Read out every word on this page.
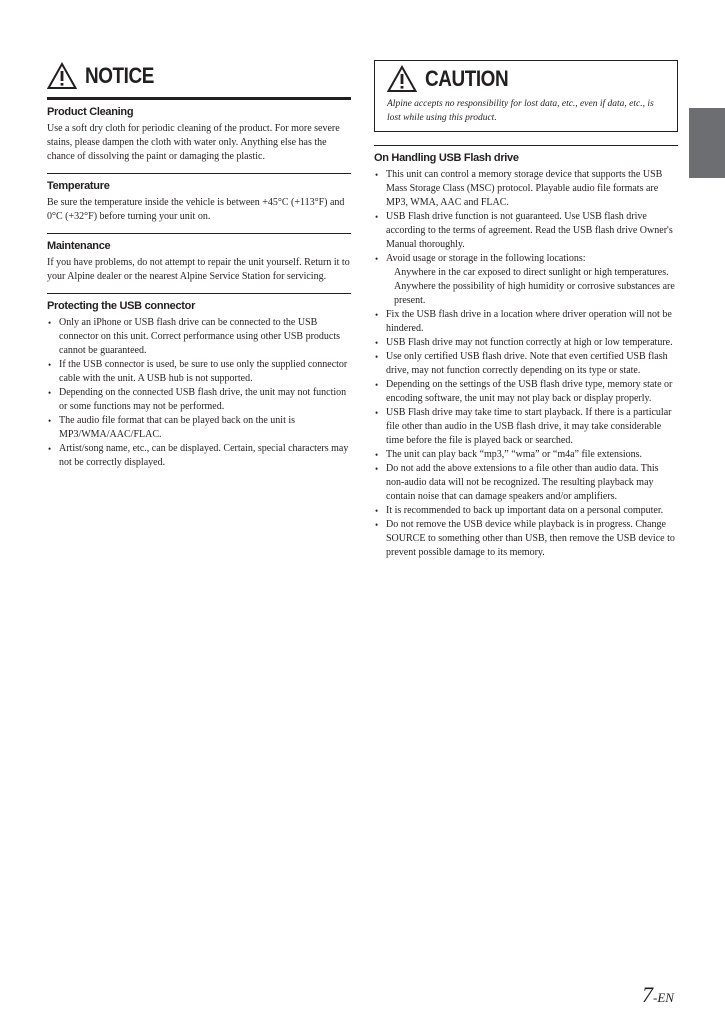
NOTICE
Product Cleaning

Use a soft dry cloth for periodic cleaning of the product. For more severe stains, please dampen the cloth with water only. Anything else has the chance of dissolving the paint or damaging the plastic.

Temperature

Be sure the temperature inside the vehicle is between +45°C (+113°F) and 0°C (+32°F) before turning your unit on.

Maintenance

If you have problems, do not attempt to repair the unit yourself. Return it to your Alpine dealer or the nearest Alpine Service Station for servicing.

Protecting the USB connector
• Only an iPhone or USB flash drive can be connected to the USB connector on this unit. Correct performance using other USB products cannot be guaranteed.
• If the USB connector is used, be sure to use only the supplied connector cable with the unit. A USB hub is not supported.
• Depending on the connected USB flash drive, the unit may not function or some functions may not be performed.
• The audio file format that can be played back on the unit is MP3/WMA/AAC/FLAC.
• Artist/song name, etc., can be displayed. Certain, special characters may not be correctly displayed.
CAUTION

Alpine accepts no responsibility for lost data, etc., even if data, etc., is lost while using this product.

On Handling USB Flash drive
• This unit can control a memory storage device that supports the USB Mass Storage Class (MSC) protocol. Playable audio file formats are MP3, WMA, AAC and FLAC.
• USB Flash drive function is not guaranteed. Use USB flash drive according to the terms of agreement. Read the USB flash drive Owner's Manual thoroughly.
• Avoid usage or storage in the following locations:
Anywhere in the car exposed to direct sunlight or high temperatures.
Anywhere the possibility of high humidity or corrosive substances are present.
• Fix the USB flash drive in a location where driver operation will not be hindered.
• USB Flash drive may not function correctly at high or low temperature.
• Use only certified USB flash drive. Note that even certified USB flash drive, may not function correctly depending on its type or state.
• Depending on the settings of the USB flash drive type, memory state or encoding software, the unit may not play back or display properly.
• USB Flash drive may take time to start playback. If there is a particular file other than audio in the USB flash drive, it may take considerable time before the file is played back or searched.
• The unit can play back “mp3,” “wma” or “m4a” file extensions.
• Do not add the above extensions to a file other than audio data. This non-audio data will not be recognized. The resulting playback may contain noise that can damage speakers and/or amplifiers.
• It is recommended to back up important data on a personal computer.
• Do not remove the USB device while playback is in progress. Change SOURCE to something other than USB, then remove the USB device to prevent possible damage to its memory.
7-EN
